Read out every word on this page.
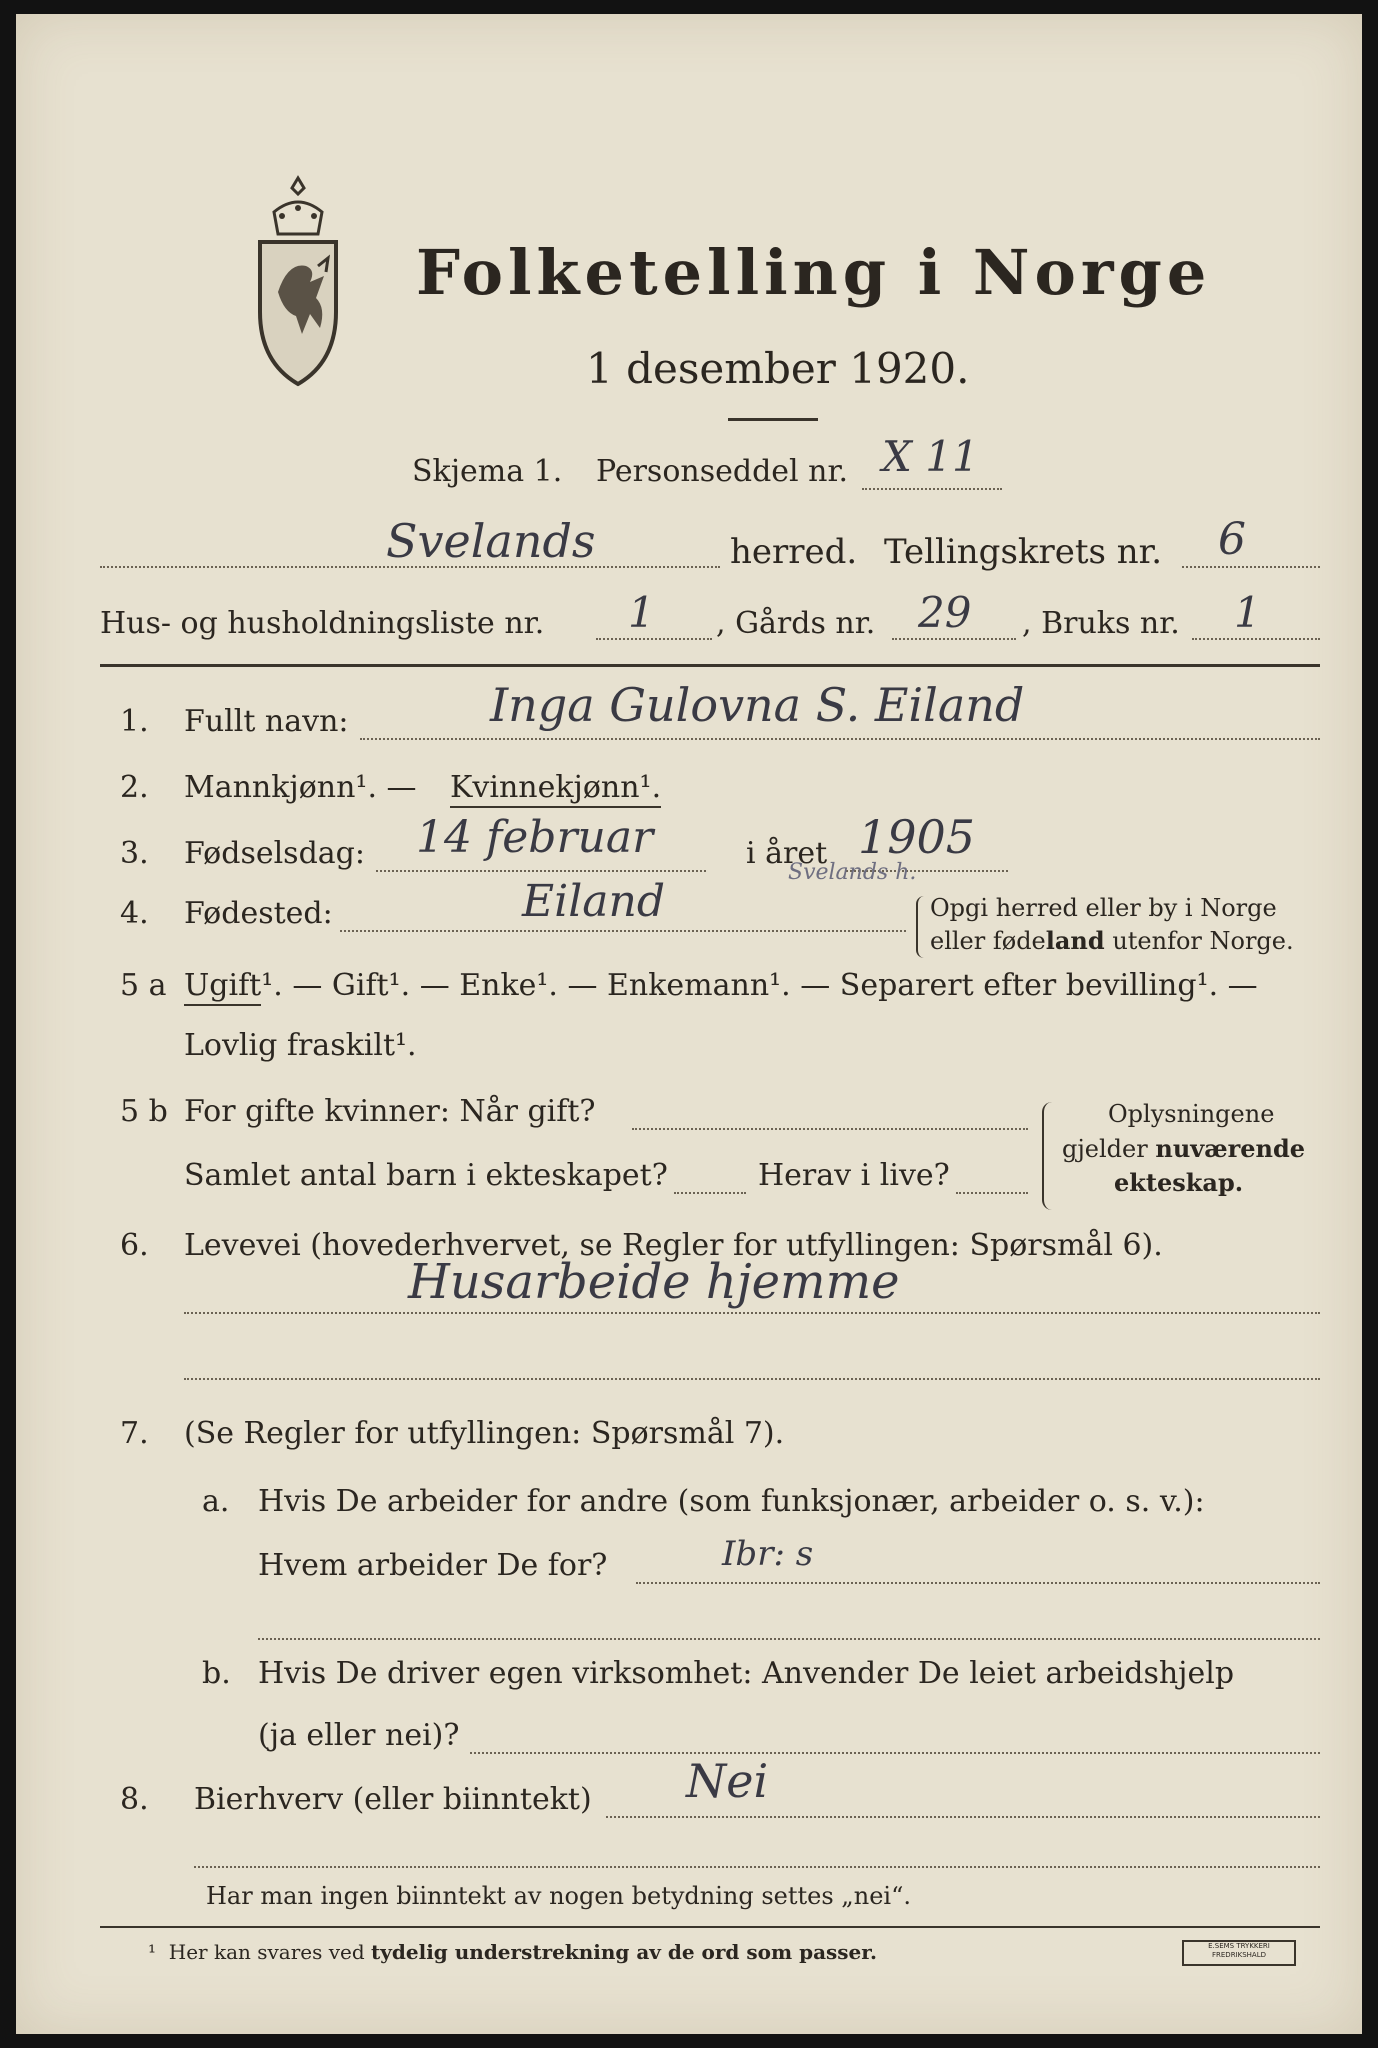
Folketelling i Norge
1 desember 1920.
Skjema 1. Personseddel nr. X 11
Svelands	herred. Tellingskrets nr. 6
Hus- og husholdningsliste nr. 1 , Gårds nr. 29 , Bruks nr. 1
1. Fullt navn:	Inga Gulovna S. Eiland
2. Mannkjønn¹. — Kvinnekjønn¹.
3. Fødselsdag: 14 februar	i året 1905
4. Fødested:	Eiland
Svelands h.
Opgi herred eller by i Norge
eller fødeland utenfor Norge.
5 a Ugift¹. — Gift¹. — Enke¹. — Enkemann¹. — Separert efter bevilling¹. —
Lovlig fraskilt¹.
5 b For gifte kvinner: Når gift?
Samlet antal barn i ekteskapet?	Herav i live?
Oplysningene
gjelder nuværende
ekteskap.
6. Levevei (hovederhvervet, se Regler for utfyllingen: Spørsmål 6).
Husarbeide hjemme
7. (Se Regler for utfyllingen: Spørsmål 7).
a. Hvis De arbeider for andre (som funksjonær, arbeider o. s. v.):
Hvem arbeider De for?	Ibr: s
b. Hvis De driver egen virksomhet: Anvender De leiet arbeidshjelp
(ja eller nei)?
8. Bierhverv (eller biinntekt) Nei
Har man ingen biinntekt av nogen betydning settes „nei“.
¹ Her kan svares ved tydelig understrekning av de ord som passer.	E.SEMS TRYKKERI FREDRIKSHALD
